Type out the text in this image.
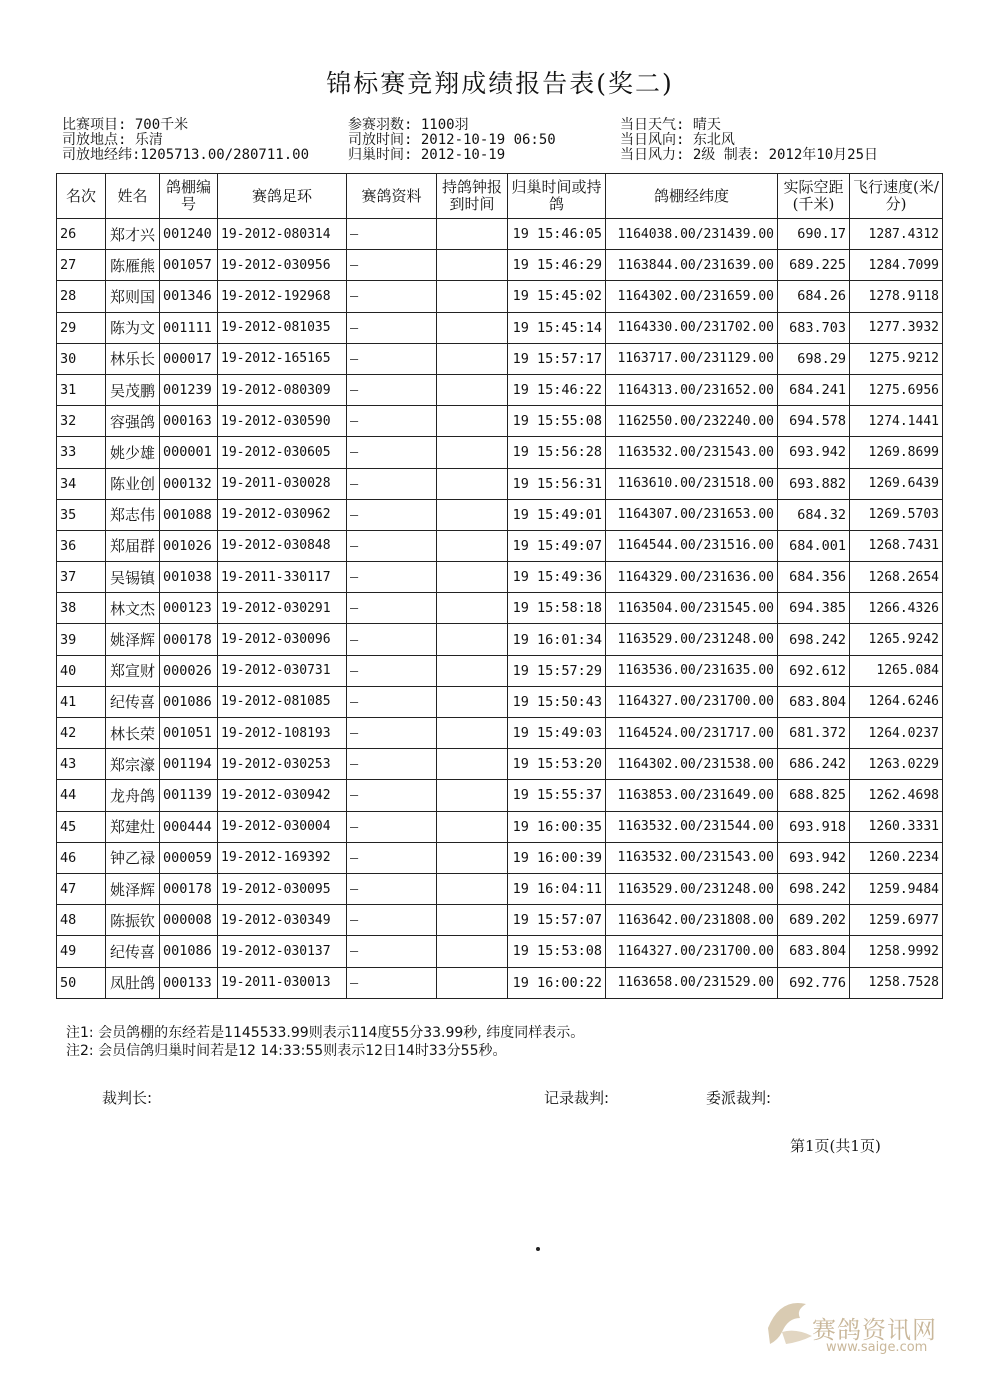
锦标赛竞翔成绩报告表(奖二)
比赛项目: 700千米
司放地点: 乐清
司放地经纬:1205713.00/280711.00
参赛羽数: 1100羽
司放时间: 2012-10-19 06:50
归巢时间: 2012-10-19
当日天气: 晴天
当日风向: 东北风
当日风力: 2级 制表: 2012年10月25日
名次	姓名	鸽棚编号	赛鸽足环	赛鸽资料	持鸽钟报到时间	归巢时间或持鸽	鸽棚经纬度	实际空距(千米)	飞行速度(米/分)
26	郑才兴	001240	19-2012-080314	—		19 15:46:05	1164038.00/231439.00	690.17	1287.4312
27	陈雁熊	001057	19-2012-030956	—		19 15:46:29	1163844.00/231639.00	689.225	1284.7099
28	郑则国	001346	19-2012-192968	—		19 15:45:02	1164302.00/231659.00	684.26	1278.9118
29	陈为文	001111	19-2012-081035	—		19 15:45:14	1164330.00/231702.00	683.703	1277.3932
30	林乐长	000017	19-2012-165165	—		19 15:57:17	1163717.00/231129.00	698.29	1275.9212
31	吴茂鹏	001239	19-2012-080309	—		19 15:46:22	1164313.00/231652.00	684.241	1275.6956
32	容强鸽	000163	19-2012-030590	—		19 15:55:08	1162550.00/232240.00	694.578	1274.1441
33	姚少雄	000001	19-2012-030605	—		19 15:56:28	1163532.00/231543.00	693.942	1269.8699
34	陈业创	000132	19-2011-030028	—		19 15:56:31	1163610.00/231518.00	693.882	1269.6439
35	郑志伟	001088	19-2012-030962	—		19 15:49:01	1164307.00/231653.00	684.32	1269.5703
36	郑届群	001026	19-2012-030848	—		19 15:49:07	1164544.00/231516.00	684.001	1268.7431
37	吴锡镇	001038	19-2011-330117	—		19 15:49:36	1164329.00/231636.00	684.356	1268.2654
38	林文杰	000123	19-2012-030291	—		19 15:58:18	1163504.00/231545.00	694.385	1266.4326
39	姚泽辉	000178	19-2012-030096	—		19 16:01:34	1163529.00/231248.00	698.242	1265.9242
40	郑宣财	000026	19-2012-030731	—		19 15:57:29	1163536.00/231635.00	692.612	1265.084
41	纪传喜	001086	19-2012-081085	—		19 15:50:43	1164327.00/231700.00	683.804	1264.6246
42	林长荣	001051	19-2012-108193	—		19 15:49:03	1164524.00/231717.00	681.372	1264.0237
43	郑宗濠	001194	19-2012-030253	—		19 15:53:20	1164302.00/231538.00	686.242	1263.0229
44	龙舟鸽	001139	19-2012-030942	—		19 15:55:37	1163853.00/231649.00	688.825	1262.4698
45	郑建灶	000444	19-2012-030004	—		19 16:00:35	1163532.00/231544.00	693.918	1260.3331
46	钟乙禄	000059	19-2012-169392	—		19 16:00:39	1163532.00/231543.00	693.942	1260.2234
47	姚泽辉	000178	19-2012-030095	—		19 16:04:11	1163529.00/231248.00	698.242	1259.9484
48	陈振钦	000008	19-2012-030349	—		19 15:57:07	1163642.00/231808.00	689.202	1259.6977
49	纪传喜	001086	19-2012-030137	—		19 15:53:08	1164327.00/231700.00	683.804	1258.9992
50	凤肚鸽	000133	19-2011-030013	—		19 16:00:22	1163658.00/231529.00	692.776	1258.7528
注1: 会员鸽棚的东经若是1145533.99则表示114度55分33.99秒, 纬度同样表示。
注2: 会员信鸽归巢时间若是12 14:33:55则表示12日14时33分55秒。
裁判长:	记录裁判:	委派裁判:
第1页(共1页)
赛鸽资讯网
www.saige.com
